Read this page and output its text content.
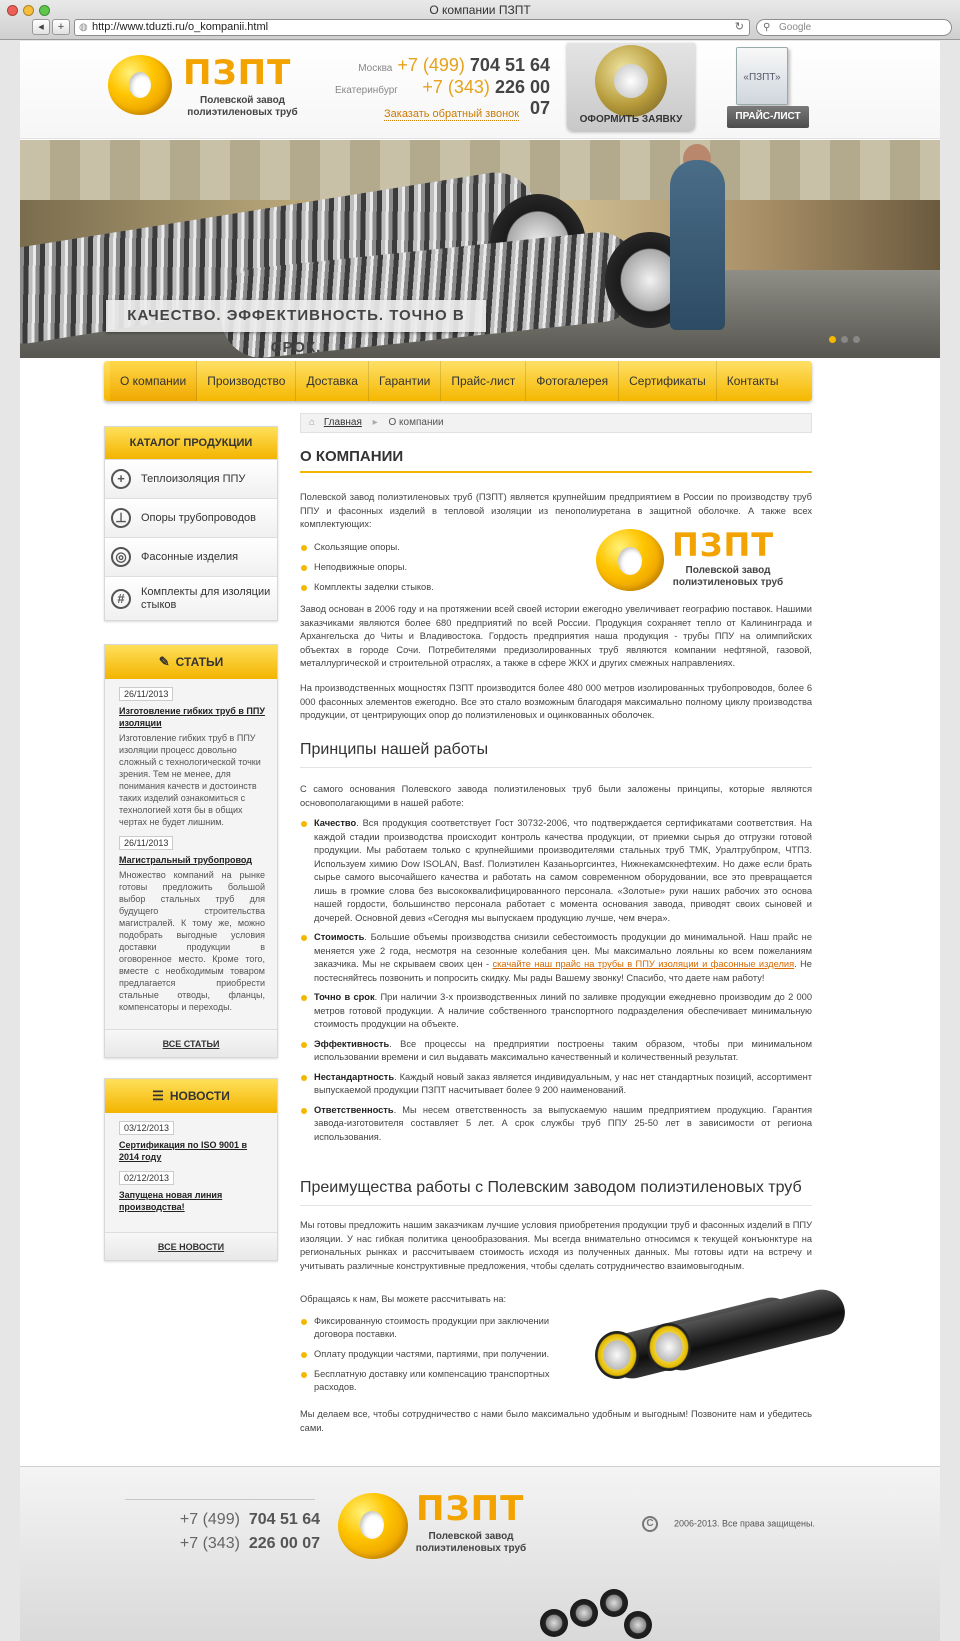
О компании ПЗПТ
◂	+	◍ http://www.tduzti.ru/o_kompanii.html	↻ ⚲ Google
ПЗПТ
Полевской завод
полиэтиленовых труб
Москва +7 (499) 704 51 64
Екатеринбург	+7 (343) 226 00 07
Заказать обратный звонок	ОФОРМИТЬ ЗАЯВКУ
«ПЗПТ»
ПРАЙС-ЛИСТ
КАЧЕСТВО. ЭФФЕКТИВНОСТЬ. ТОЧНО В СРОК.
О компании	Производство	Доставка	Гарантии	Прайс-лист	Фотогалерея	Сертификаты	Контакты
КАТАЛОГ ПРОДУКЦИИ
+	Теплоизоляция ППУ
⊥	Опоры трубопроводов
◎	Фасонные изделия
#	Комплекты для изоляции стыков
✎ СТАТЬИ
26/11/2013
Изготовление гибких труб в ППУ изоляции
Изготовление гибких труб в ППУ изоляции процесс довольно сложный с технологической точки зрения. Тем не менее, для понимания качеств и достоинств таких изделий ознакомиться с технологией хотя бы в общих чертах не будет лишним.
26/11/2013
Магистральный трубопровод
Множество компаний на рынке готовы предложить большой выбор стальных труб для будущего строительства магистралей. К тому же, можно подобрать выгодные условия доставки продукции в оговоренное место. Кроме того, вместе с необходимым товаром предлагается приобрести стальные отводы, фланцы, компенсаторы и переходы.
ВСЕ СТАТЬИ
☰ НОВОСТИ
03/12/2013
Сертификация по ISO 9001 в 2014 году
02/12/2013
Запущена новая линия производства!
ВСЕ НОВОСТИ
⌂ Главная ▸ О компании
О КОМПАНИИ
Полевской завод полиэтиленовых труб (ПЗПТ) является крупнейшим предприятием в России по производству труб ППУ и фасонных изделий в тепловой изоляции из пенополиуретана в защитной оболочке. А также всех комплектующих:
Скользящие опоры.
Неподвижные опоры.
Комплекты заделки стыков.
ПЗПТ
Полевской завод
полиэтиленовых труб
Завод основан в 2006 году и на протяжении всей своей истории ежегодно увеличивает географию поставок. Нашими заказчиками являются более 680 предприятий по всей России. Продукция сохраняет тепло от Калининграда и Архангельска до Читы и Владивостока. Гордость предприятия наша продукция - трубы ППУ на олимпийских объектах в городе Сочи. Потребителями предизолированных труб являются компании нефтяной, газовой, металлургической и строительной отраслях, а также в сфере ЖКХ и других смежных направлениях.
На производственных мощностях ПЗПТ производится более 480 000 метров изолированных трубопроводов, более 6 000 фасонных элементов ежегодно. Все это стало возможным благодаря максимально полному циклу производства продукции, от центрирующих опор до полиэтиленовых и оцинкованных оболочек.
Принципы нашей работы
С самого основания Полевского завода полиэтиленовых труб были заложены принципы, которые являются основополагающими в нашей работе:
Качество. Вся продукция соответствует Гост 30732-2006, что подтверждается сертификатами соответствия. На каждой стадии производства происходит контроль качества продукции, от приемки сырья до отгрузки готовой продукции. Мы работаем только с крупнейшими производителями стальных труб ТМК, Уралтрубпром, ЧТПЗ. Используем химию Dow ISOLAN, Basf. Полиэтилен Казаньоргсинтез, Нижнекамскнефтехим. Но даже если брать сырье самого высочайшего качества и работать на самом современном оборудовании, все это превращается лишь в громкие слова без высококвалифицированного персонала. «Золотые» руки наших рабочих это основа нашей гордости, большинство персонала работает с момента основания завода, приводят своих сыновей и дочерей. Основной девиз «Сегодня мы выпускаем продукцию лучше, чем вчера».
Стоимость. Большие объемы производства снизили себестоимость продукции до минимальной. Наш прайс не меняется уже 2 года, несмотря на сезонные колебания цен. Мы максимально лояльны ко всем пожеланиям заказчика. Мы не скрываем своих цен - скачайте наш прайс на трубы в ППУ изоляции и фасонные изделия. Не постесняйтесь позвонить и попросить скидку. Мы рады Вашему звонку! Спасибо, что даете нам работу!
Точно в срок. При наличии 3-х производственных линий по заливке продукции ежедневно производим до 2 000 метров готовой продукции. А наличие собственного транспортного подразделения обеспечивает минимальную стоимость продукции на объекте.
Эффективность. Все процессы на предприятии построены таким образом, чтобы при минимальном использовании времени и сил выдавать максимально качественный и количественный результат.
Нестандартность. Каждый новый заказ является индивидуальным, у нас нет стандартных позиций, ассортимент выпускаемой продукции ПЗПТ насчитывает более 9 200 наименований.
Ответственность. Мы несем ответственность за выпускаемую нашим предприятием продукцию. Гарантия завода-изготовителя составляет 5 лет. А срок службы труб ППУ 25-50 лет в зависимости от региона использования.
Преимущества работы с Полевским заводом полиэтиленовых труб
Мы готовы предложить нашим заказчикам лучшие условия приобретения продукции труб и фасонных изделий в ППУ изоляции. У нас гибкая политика ценообразования. Мы всегда внимательно относимся к текущей конъюнктуре на региональных рынках и рассчитываем стоимость исходя из полученных данных. Мы готовы идти на встречу и учитывать различные конструктивные предложения, чтобы сделать сотрудничество взаимовыгодным.
Обращаясь к нам, Вы можете рассчитывать на:
Фиксированную стоимость продукции при заключении договора поставки.
Оплату продукции частями, партиями, при получении.
Бесплатную доставку или компенсацию транспортных расходов.
Мы делаем все, чтобы сотрудничество с нами было максимально удобным и выгодным! Позвоните нам и убедитесь сами.
+7 (499) 704 51 64
+7 (343) 226 00 07
ПЗПТ
Полевской завод
полиэтиленовых труб
C 2006-2013. Все права защищены.
